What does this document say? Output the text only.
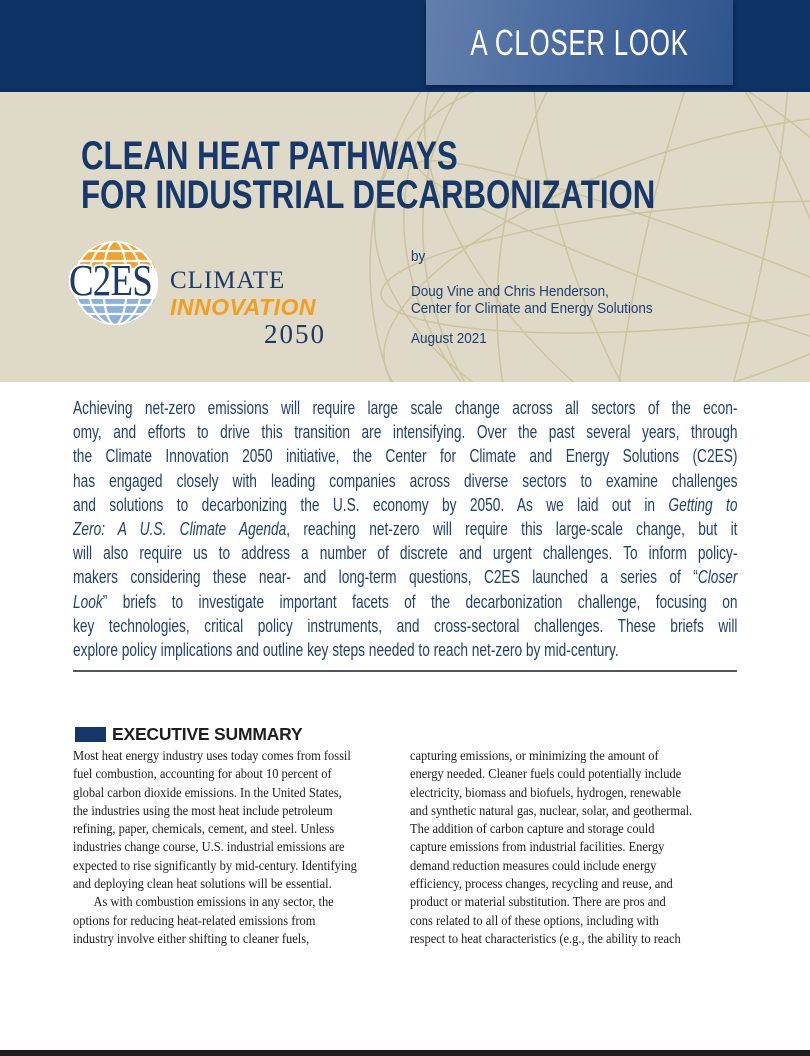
A CLOSER LOOK
CLEAN HEAT PATHWAYS
FOR INDUSTRIAL DECARBONIZATION
C2ES CLIMATE
INNOVATION
2050
by
Doug Vine and Chris Henderson,
Center for Climate and Energy Solutions
August 2021
Achieving net-zero emissions will require large scale change across all sectors of the econ-
omy, and efforts to drive this transition are intensifying. Over the past several years, through
the Climate Innovation 2050 initiative, the Center for Climate and Energy Solutions (C2ES)
has engaged closely with leading companies across diverse sectors to examine challenges
and solutions to decarbonizing the U.S. economy by 2050. As we laid out in Getting to
Zero: A U.S. Climate Agenda, reaching net-zero will require this large-scale change, but it
will also require us to address a number of discrete and urgent challenges. To inform policy-
makers considering these near- and long-term questions, C2ES launched a series of “Closer
Look” briefs to investigate important facets of the decarbonization challenge, focusing on
key technologies, critical policy instruments, and cross-sectoral challenges. These briefs will
explore policy implications and outline key steps needed to reach net-zero by mid-century.
EXECUTIVE SUMMARY
Most heat energy industry uses today comes from fossil
fuel combustion, accounting for about 10 percent of
global carbon dioxide emissions. In the United States,
the industries using the most heat include petroleum
refining, paper, chemicals, cement, and steel. Unless
industries change course, U.S. industrial emissions are
expected to rise significantly by mid-century. Identifying
and deploying clean heat solutions will be essential.
As with combustion emissions in any sector, the
options for reducing heat-related emissions from
industry involve either shifting to cleaner fuels,
capturing emissions, or minimizing the amount of
energy needed. Cleaner fuels could potentially include
electricity, biomass and biofuels, hydrogen, renewable
and synthetic natural gas, nuclear, solar, and geothermal.
The addition of carbon capture and storage could
capture emissions from industrial facilities. Energy
demand reduction measures could include energy
efficiency, process changes, recycling and reuse, and
product or material substitution. There are pros and
cons related to all of these options, including with
respect to heat characteristics (e.g., the ability to reach
